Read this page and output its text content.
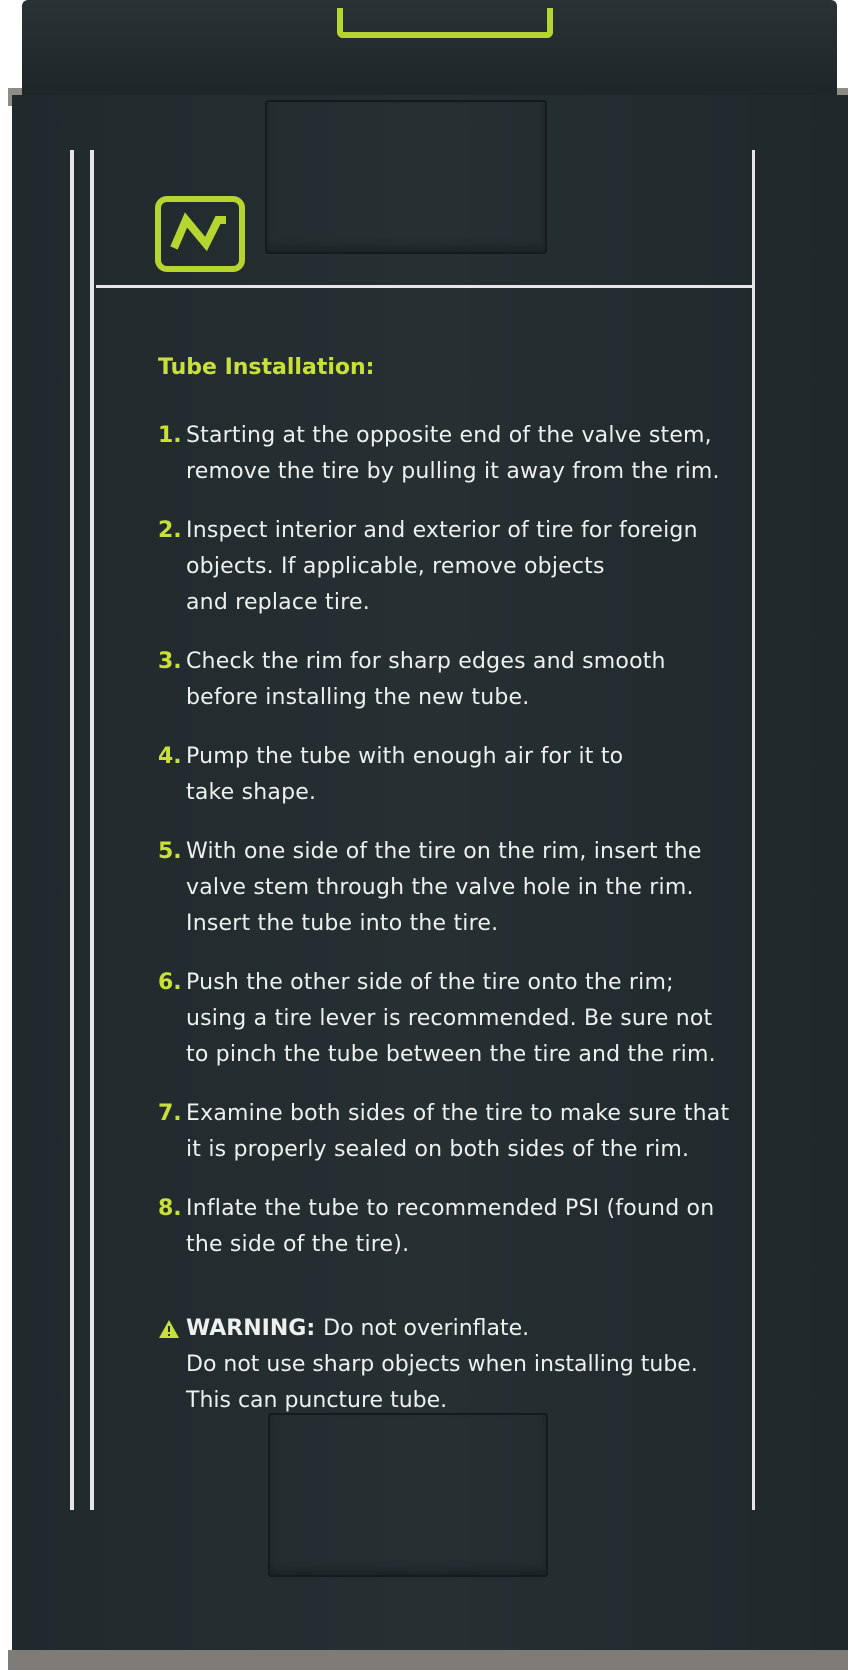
Tube Installation:
1. Starting at the opposite end of the valve stem,
remove the tire by pulling it away from the rim.
2. Inspect interior and exterior of tire for foreign
objects. If applicable, remove objects
and replace tire.
3. Check the rim for sharp edges and smooth
before installing the new tube.
4. Pump the tube with enough air for it to
take shape.
5. With one side of the tire on the rim, insert the
valve stem through the valve hole in the rim.
Insert the tube into the tire.
6. Push the other side of the tire onto the rim;
using a tire lever is recommended. Be sure not
to pinch the tube between the tire and the rim.
7. Examine both sides of the tire to make sure that
it is properly sealed on both sides of the rim.
8. Inflate the tube to recommended PSI (found on
the side of the tire).
WARNING: Do not overinflate.
Do not use sharp objects when installing tube.
This can puncture tube.
